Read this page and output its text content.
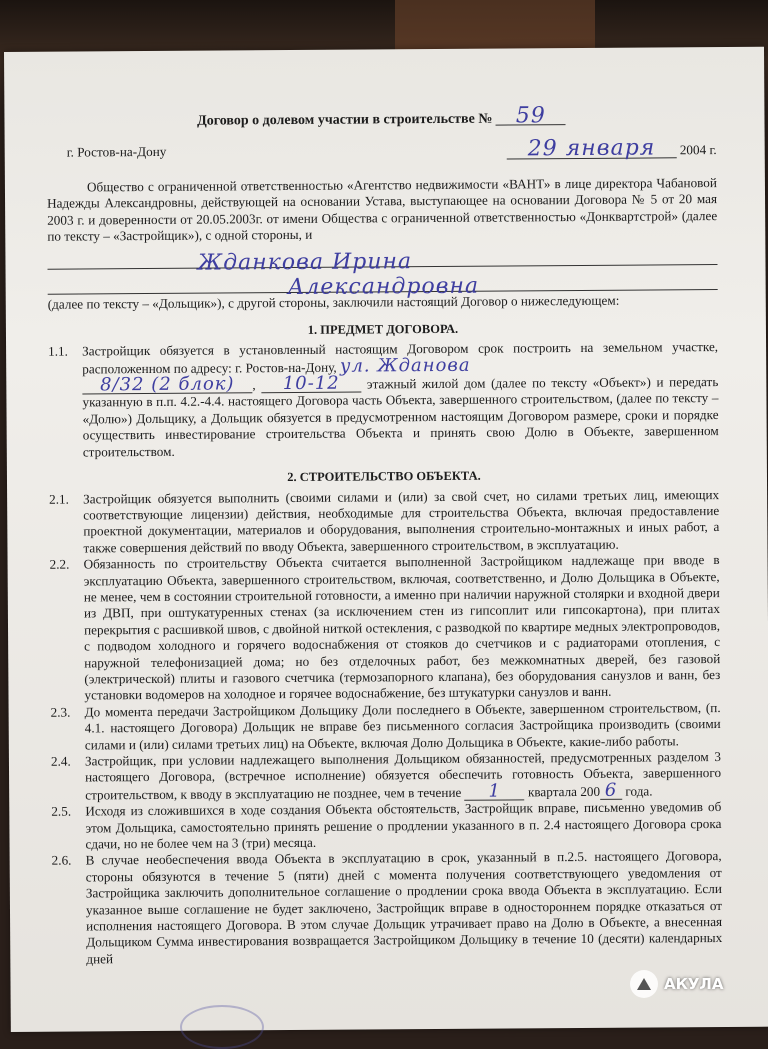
Договор о долевом участии в строительстве № 59
г. Ростов-на-Дону	29 января 2004 г.

Общество с ограниченной ответственностью «Агентство недвижимости «ВАНТ» в лице директора Чабановой Надежды Александровны, действующей на основании Устава, выступающее на основании Договора № 5 от 20 мая 2003 г. и доверенности от 20.05.2003г. от имени Общества с ограниченной ответственностью «Донквартстрой» (далее по тексту – «Застройщик»), с одной стороны, и

Жданкова Ирина
Александровна

(далее по тексту – «Дольщик»), с другой стороны, заключили настоящий Договор о нижеследующем:

1. ПРЕДМЕТ ДОГОВОРА.
1.1.	Застройщик обязуется в установленный настоящим Договором срок построить на земельном участке, расположенном по адресу: г. Ростов-на-Дону, ул. Жданова
8/32 (2 блок) , 10-12 этажный жилой дом (далее по тексту «Объект») и передать указанную в п.п. 4.2.-4.4. настоящего Договора часть Объекта, завершенного строительством, (далее по тексту – «Долю») Дольщику, а Дольщик обязуется в предусмотренном настоящим Договором размере, сроки и порядке осуществить инвестирование строительства Объекта и принять свою Долю в Объекте, завершенном строительством.
2. СТРОИТЕЛЬСТВО ОБЪЕКТА.
2.1.	Застройщик обязуется выполнить (своими силами и (или) за свой счет, но силами третьих лиц, имеющих соответствующие лицензии) действия, необходимые для строительства Объекта, включая предоставление проектной документации, материалов и оборудования, выполнения строительно-монтажных и иных работ, а также совершения действий по вводу Объекта, завершенного строительством, в эксплуатацию.
2.2.	Обязанность по строительству Объекта считается выполненной Застройщиком надлежаще при вводе в эксплуатацию Объекта, завершенного строительством, включая, соответственно, и Долю Дольщика в Объекте, не менее, чем в состоянии строительной готовности, а именно при наличии наружной столярки и входной двери из ДВП, при оштукатуренных стенах (за исключением стен из гипсоплит или гипсокартона), при плитах перекрытия с расшивкой швов, с двойной ниткой остекления, с разводкой по квартире медных электропроводов, с подводом холодного и горячего водоснабжения от стояков до счетчиков и с радиаторами отопления, с наружной телефонизацией дома; но без отделочных работ, без межкомнатных дверей, без газовой (электрической) плиты и газового счетчика (термозапорного клапана), без оборудования санузлов и ванн, без установки водомеров на холодное и горячее водоснабжение, без штукатурки санузлов и ванн.
2.3.	До момента передачи Застройщиком Дольщику Доли последнего в Объекте, завершенном строительством, (п. 4.1. настоящего Договора) Дольщик не вправе без письменного согласия Застройщика производить (своими силами и (или) силами третьих лиц) на Объекте, включая Долю Дольщика в Объекте, какие-либо работы.
2.4.	Застройщик, при условии надлежащего выполнения Дольщиком обязанностей, предусмотренных разделом 3 настоящего Договора, (встречное исполнение) обязуется обеспечить готовность Объекта, завершенного строительством, к вводу в эксплуатацию не позднее, чем в течение 1 квартала 200 6 года.
2.5.	Исходя из сложившихся в ходе создания Объекта обстоятельств, Застройщик вправе, письменно уведомив об этом Дольщика, самостоятельно принять решение о продлении указанного в п. 2.4 настоящего Договора срока сдачи, но не более чем на 3 (три) месяца.
2.6.	В случае необеспечения ввода Объекта в эксплуатацию в срок, указанный в п.2.5. настоящего Договора, стороны обязуются в течение 5 (пяти) дней с момента получения соответствующего уведомления от Застройщика заключить дополнительное соглашение о продлении срока ввода Объекта в эксплуатацию. Если указанное выше соглашение не будет заключено, Застройщик вправе в одностороннем порядке отказаться от исполнения настоящего Договора. В этом случае Дольщик утрачивает право на Долю в Объекте, а внесенная Дольщиком Сумма инвестирования возвращается Застройщиком Дольщику в течение 10 (десяти) календарных дней
АКУЛА
